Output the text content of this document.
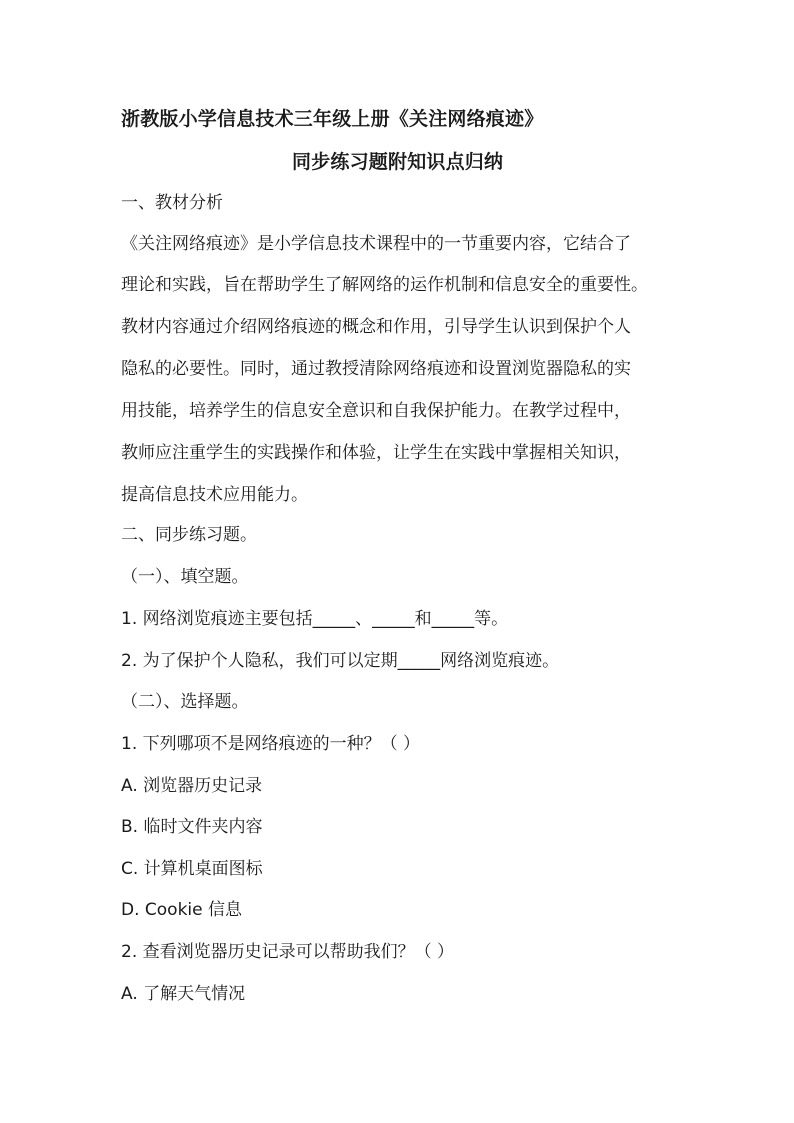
浙教版小学信息技术三年级上册《关注网络痕迹》
同步练习题附知识点归纳
一、教材分析
《关注网络痕迹》是小学信息技术课程中的一节重要内容，它结合了
理论和实践，旨在帮助学生了解网络的运作机制和信息安全的重要性。
教材内容通过介绍网络痕迹的概念和作用，引导学生认识到保护个人
隐私的必要性。同时，通过教授清除网络痕迹和设置浏览器隐私的实
用技能，培养学生的信息安全意识和自我保护能力。在教学过程中，
教师应注重学生的实践操作和体验，让学生在实践中掌握相关知识，
提高信息技术应用能力。
二、同步练习题。
（一）、填空题。
1. 网络浏览痕迹主要包括_____、_____和_____等。
2. 为了保护个人隐私，我们可以定期_____网络浏览痕迹。
（二）、选择题。
1. 下列哪项不是网络痕迹的一种？（ ）
A. 浏览器历史记录
B. 临时文件夹内容
C. 计算机桌面图标
D. Cookie 信息
2. 查看浏览器历史记录可以帮助我们？（ ）
A. 了解天气情况
